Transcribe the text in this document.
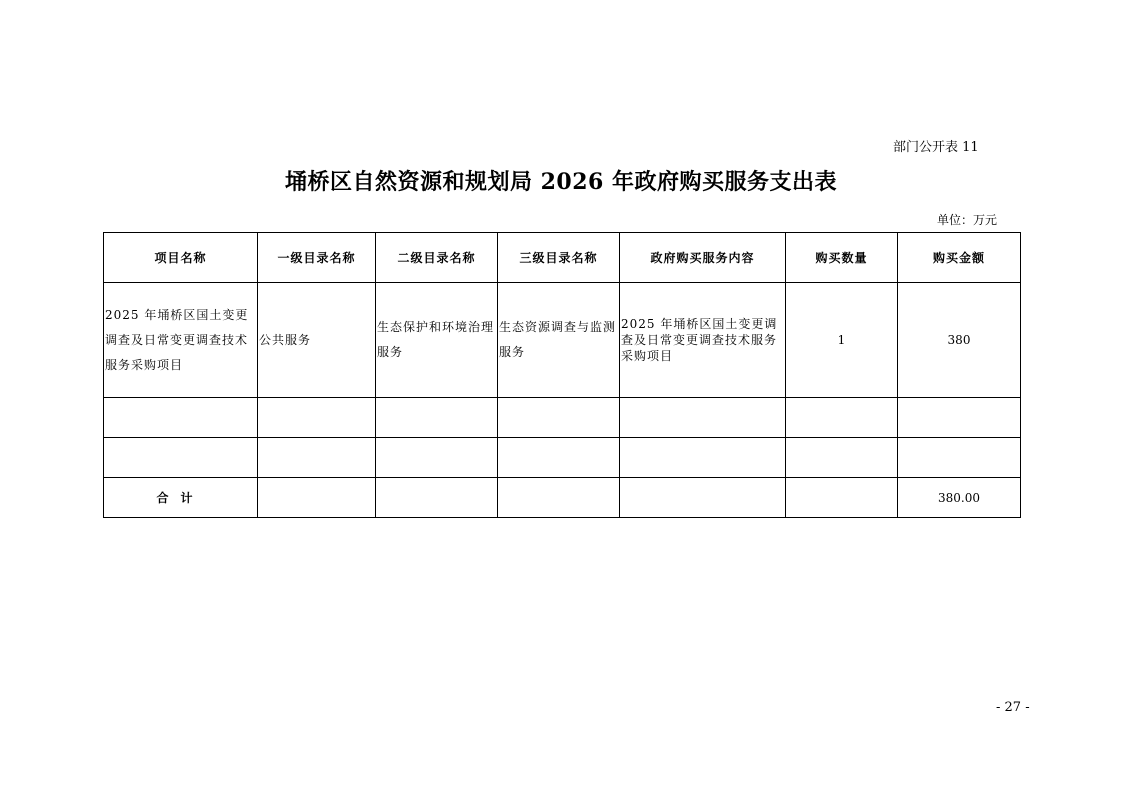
部门公开表 11
埇桥区自然资源和规划局 2026 年政府购买服务支出表
单位：万元
项目名称	一级目录名称	二级目录名称	三级目录名称	政府购买服务内容	购买数量	购买金额
2025 年埇桥区国土变更调查及日常变更调查技术服务采购项目	公共服务	生态保护和环境治理服务	生态资源调查与监测服务	2025 年埇桥区国土变更调查及日常变更调查技术服务采购项目	1	380

合计						380.00
- 27 -
